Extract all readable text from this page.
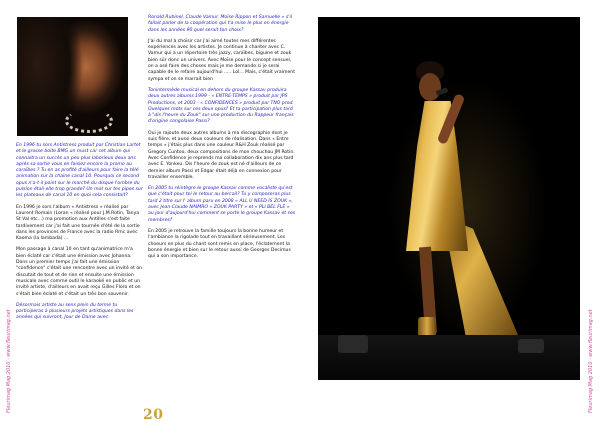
En 1996 tu sors Antistress produit par Christian Lartet et le grosse boite BMG un must car cet album qui connaitra un succès un peu plus laborieux deux ans après sa sortie vous en faisiez encore la promo au caraïbes ? Tu en as profité d'ailleurs pour faire la télé animation sur la chaine canal 10. Pourquoi ce second opus n'a-t-il point sur le marché du disque l'ombre du pulsion étali-elle trop grande? Un mot sur tes pipes sur les plateaux de canal 10 en quoi cela consistait?

En 1996 je sors l'album « Antistress » réalisé par Laurent Romain (Loran « réalisé pour J.M.Rotin, Tanya St Val etc...) ma promotion aux Antilles s'est faite tardivement car j'ai fait une tournée d'été de la sortie dans les provinces de France avec la radio Rmc avec Kaoma (la lambada) ...

Mon passage à canal 10 en tant qu'animatrice m'a bien éclaté car c'était une émission avec Johanna. Dans un premier temps j'ai fait une émission "confidence" c'était une rencontre avec un invité et on discutait de tout et de rien et ensuite une émission musicale avec comme outil le karaoké en public et un invité artiste, d'ailleurs en avait reçu Gilles Floro et on s'était bien éclaté et c'était un très bon souvenir.

Désormais artiste au sens plein du terme tu participeras à plusieurs projets artistiques dans les années qui suivront, Jour de Dame avec

Ronald Rubinel, Claude Vamur, Moïse Rippon et Samuelle » s'il fallait parler de la coopération qui t'a mise le plus en énergie dans les années 90 quel serait ton choix?

J'ai du mal à choisir car j'ai aimé toutes mes différentes expériences avec les artistes. Je continue à chanter avec C. Vamur qui a un répertoire très jazzy, caraïbes, biguine et zouk bien sûr donc un univers. Avec Moïse pour le concept sensuel, on a osé faire des choses mais je me demande si je serai capable de le refaire aujourd'hui ..... Lol... Mais, c'était vraiment sympa et on se marrait bien

Tonintermède musical en dehors du groupe Kassav produira deux autres albums 1999 - « ENTRE-TEMPS » produit par JPS Productions, et 2003 - « CONFIDENCES » produit par TNO prod. Quelques mots sur ces deux opus? Et ta participation plus tard à "dis l'heure du Zouk" sur une production du Rappeur français d'origine congolaise Passi?

Oui je rajoute deux autres albums à ma discographie dont je suis fière, et aussi deux couleurs de réalisation. Dans « Entre temps » j'étais plus dans une couleur R&H Zouk réalisé par Gregory Cuntoo, deux compositions de mon chouchou JM Rotin. Avec Confidence je reprends ma collaboration dix ans plus tard avec E. Yonkeu. Dis l'heure de zouk est né d'ailleurs de ce dernier album Passi et Edgar était déjà en connexion pour travailler ensemble.

En 2005 tu réintègre le groupe Kassav comme vocaliste qu'est que c'était pour toi le retour au bercail? Tu y composeras plus tard 2 titre sur l' album paru en 2008 « ALL U NEED IS ZOUK », avec Jean-Claude NAIMRO « ZOUK PARTY » et « PLI BÈL FLÈ » au jour d'aujourd'hui comment se porte le groupe Kassav et ses membres?

En 2005 je retrouve la famille toujours la bonne humeur et l'ambiance la rigolade tout en travaillant sérieusement. Les choeurs en plus du chant sont remis en place, l'éclatement la bonne énergie et bien sur le retour aussi de Georges Decimus qui a son importance.

Fleurimag Mag 2010 · www.fleurimag.net	Fleurimag Mag 2010 · www.fleurimag.net
20
